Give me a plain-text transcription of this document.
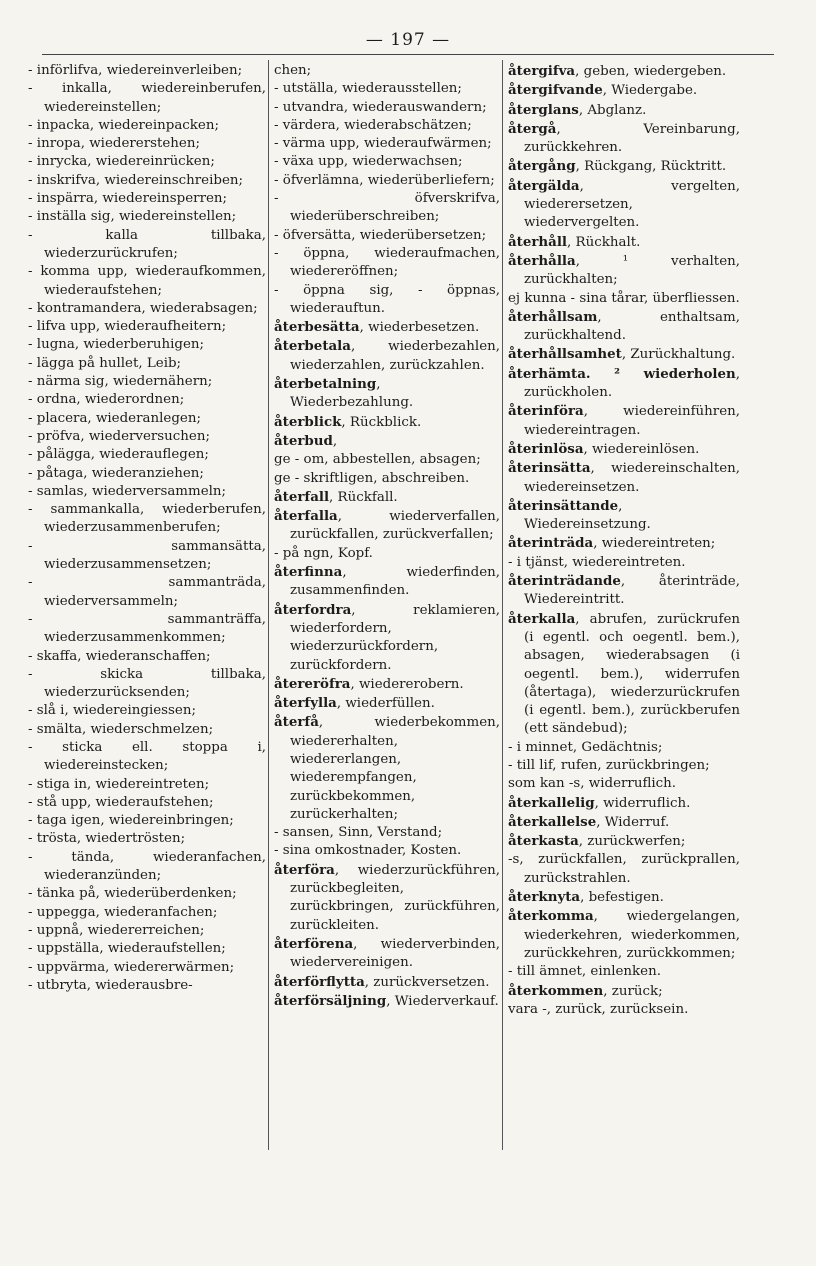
— 197 —

- införlifva, wiedereinverleiben;

- inkalla, wiedereinberufen, wiedereinstellen;

- inpacka, wiedereinpacken;

- inropa, wiedererstehen;

- inrycka, wiedereinrücken;

- inskrifva, wiedereinschreiben;

- inspärra, wiedereinsperren;

- inställa sig, wiedereinstellen;

- kalla tillbaka, wiederzurückrufen;

- komma upp, wiederaufkommen, wiederaufstehen;

- kontramandera, wiederabsagen;

- lifva upp, wiederaufheitern;

- lugna, wiederberuhigen;

- lägga på hullet, Leib;

- närma sig, wiedernähern;

- ordna, wiederordnen;

- placera, wiederanlegen;

- pröfva, wiederversuchen;

- pålägga, wiederauflegen;

- påtaga, wiederanziehen;

- samlas, wiederversammeln;

- sammankalla, wiederberufen, wiederzusammenberufen;

- sammansätta, wiederzusammensetzen;

- sammanträda, wiederversammeln;

- sammanträffa, wiederzusammenkommen;

- skaffa, wiederanschaffen;

- skicka tillbaka, wiederzurücksenden;

- slå i, wiedereingiessen;

- smälta, wiederschmelzen;

- sticka ell. stoppa i, wiedereinstecken;

- stiga in, wiedereintreten;

- stå upp, wiederaufstehen;

- taga igen, wiedereinbringen;

- trösta, wiedertrösten;

- tända, wiederanfachen, wiederanzünden;

- tänka på, wiederüberdenken;

- uppegga, wiederanfachen;

- uppnå, wiedererreichen;

- uppställa, wiederaufstellen;

- uppvärma, wiedererwärmen;

- utbryta, wiederausbre-

chen;

- utställa, wiederausstellen;

- utvandra, wiederauswandern;

- värdera, wiederabschätzen;

- värma upp, wiederaufwärmen;

- växa upp, wiederwachsen;

- öfverlämna, wiederüberliefern;

- öfverskrifva, wiederüberschreiben;

- öfversätta, wiederübersetzen;

- öppna, wiederaufmachen, wiedereröffnen;

- öppna sig, - öppnas, wiederauftun.

återbesätta, wiederbesetzen.

återbetala, wiederbezahlen, wiederzahlen, zurückzahlen.

återbetalning, Wiederbezahlung.

återblick, Rückblick.

återbud,

ge - om, abbestellen, absagen;

ge - skriftligen, abschreiben.

återfall, Rückfall.

återfalla, wiederverfallen, zurückfallen, zurückverfallen;

- på ngn, Kopf.

återfinna, wiederfinden, zusammenfinden.

återfordra, reklamieren, wiederfordern, wiederzurückfordern, zurückfordern.

återeröfra, wiedererobern.

återfylla, wiederfüllen.

återfå, wiederbekommen, wiedererhalten, wiedererlangen, wiederempfangen, zurückbekommen, zurückerhalten;

- sansen, Sinn, Verstand;

- sina omkostnader, Kosten.

återföra, wiederzurückführen, zurückbegleiten, zurückbringen, zurückführen, zurückleiten.

återförena, wiederverbinden, wiedervereinigen.

återförflytta, zurückversetzen.

återförsäljning, Wiederverkauf.

återgifva, geben, wiedergeben.

återgifvande, Wiedergabe.

återglans, Abglanz.

återgå, Vereinbarung, zurückkehren.

återgång, Rückgang, Rücktritt.

återgälda, vergelten, wiederersetzen, wiedervergelten.

återhåll, Rückhalt.

återhålla, ¹ verhalten, zurückhalten;

ej kunna - sina tårar, überfliessen.

återhållsam, enthaltsam, zurückhaltend.

återhållsamhet, Zurückhaltung.

återhämta. ² wiederholen, zurückholen.

återinföra, wiedereinführen, wiedereintragen.

återinlösa, wiedereinlösen.

återinsätta, wiedereinschalten, wiedereinsetzen.

återinsättande, Wiedereinsetzung.

återinträda, wiedereintreten;

- i tjänst, wiedereintreten.

återinträdande, återinträde, Wiedereintritt.

återkalla, abrufen, zurückrufen (i egentl. och oegentl. bem.), absagen, wiederabsagen (i oegentl. bem.), widerrufen (återtaga), wiederzurückrufen (i egentl. bem.), zurückberufen (ett sändebud);

- i minnet, Gedächtnis;

- till lif, rufen, zurückbringen;

som kan -s, widerruflich.

återkallelig, widerruflich.

återkallelse, Widerruf.

återkasta, zurückwerfen;

-s, zurückfallen, zurückprallen, zurückstrahlen.

återknyta, befestigen.

återkomma, wiedergelangen, wiederkehren, wiederkommen, zurückkehren, zurückkommen;

- till ämnet, einlenken.

återkommen, zurück;

vara -, zurück, zurücksein.
